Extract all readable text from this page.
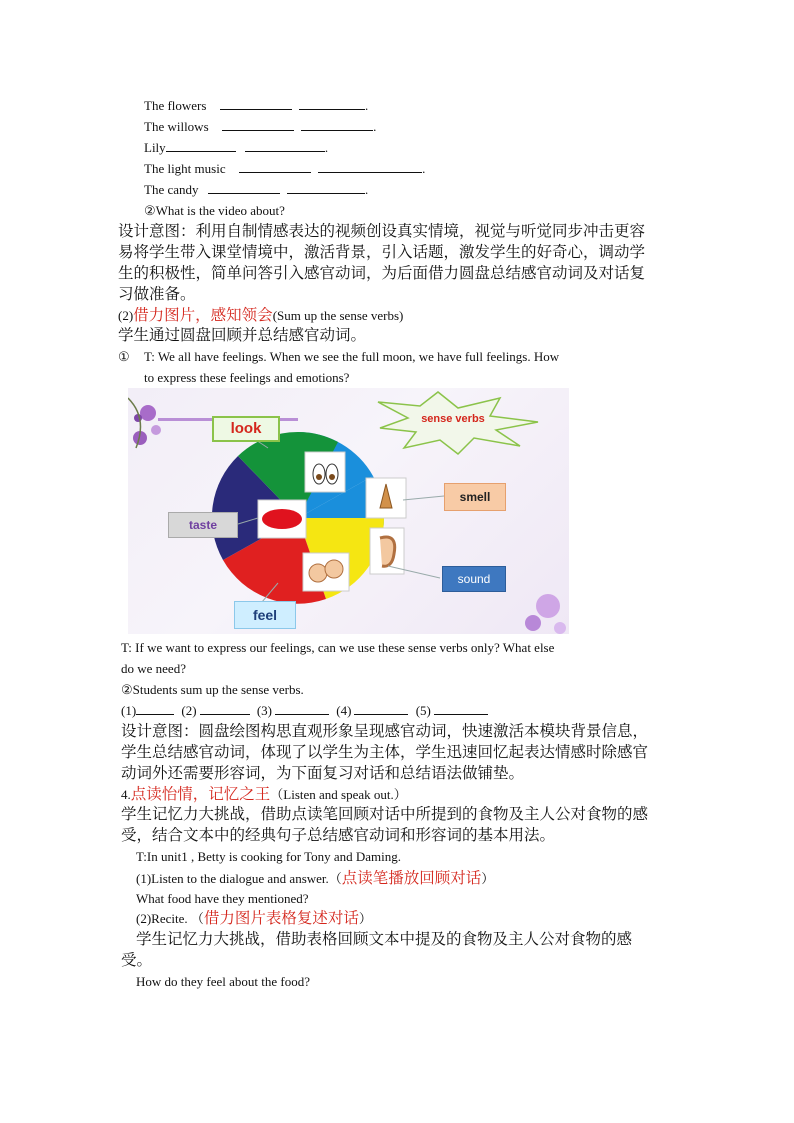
The flowers	.
The willows	.
Lily	.
The light music	.
The candy	.
②What is the video about?
设计意图：利用自制情感表达的视频创设真实情境，视觉与听觉同步冲击更容
易将学生带入课堂情境中，激活背景，引入话题，激发学生的好奇心，调动学
生的积极性，简单问答引入感官动词，为后面借力圆盘总结感官动词及对话复
习做准备。
(2)借力图片，感知领会(Sum up the sense verbs)
学生通过圆盘回顾并总结感官动词。
① T: We all have feelings. When we see the full moon, we have full feelings. How
to express these feelings and emotions?
sense verbs
look
smell
taste
sound
feel
T: If we want to express our feelings, can we use these sense verbs only? What else
do we need?
②Students sum up the sense verbs.
(1)	(2)	(3)	(4)	(5)
设计意图：圆盘绘图构思直观形象呈现感官动词，快速激活本模块背景信息，
学生总结感官动词，体现了以学生为主体，学生迅速回忆起表达情感时除感官
动词外还需要形容词，为下面复习对话和总结语法做铺垫。
4.点读怡情，记忆之王（Listen and speak out.）
学生记忆力大挑战，借助点读笔回顾对话中所提到的食物及主人公对食物的感
受，结合文本中的经典句子总结感官动词和形容词的基本用法。
T:In unit1 , Betty is cooking for Tony and Daming.
(1)Listen to the dialogue and answer.（点读笔播放回顾对话）
What food have they mentioned?
(2)Recite. （借力图片表格复述对话）
学生记忆力大挑战，借助表格回顾文本中提及的食物及主人公对食物的感
受。
How do they feel about the food?
